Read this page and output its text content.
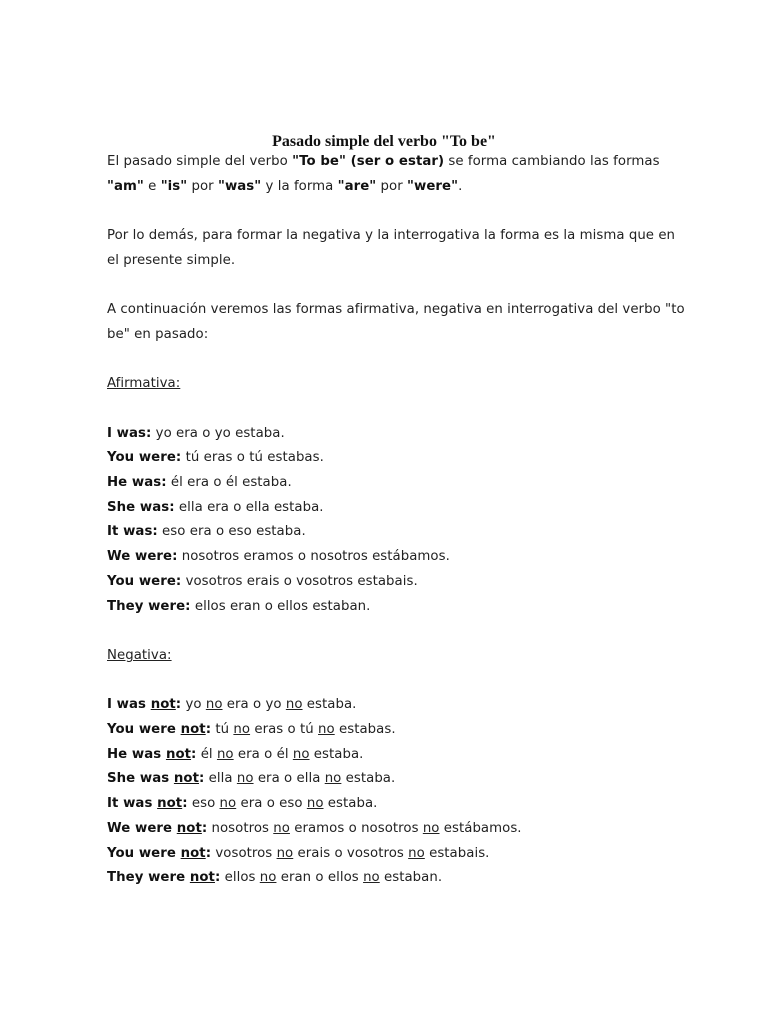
Pasado simple del verbo "To be"

El pasado simple del verbo "To be" (ser o estar) se forma cambiando las formas "am" e "is" por "was" y la forma "are" por "were".

Por lo demás, para formar la negativa y la interrogativa la forma es la misma que en el presente simple.

A continuación veremos las formas afirmativa, negativa en interrogativa del verbo "to be" en pasado:

Afirmativa:

I was: yo era o yo estaba.

You were: tú eras o tú estabas.

He was: él era o él estaba.

She was: ella era o ella estaba.

It was: eso era o eso estaba.

We were: nosotros eramos o nosotros estábamos.

You were: vosotros erais o vosotros estabais.

They were: ellos eran o ellos estaban.

Negativa:

I was not: yo no era o yo no estaba.

You were not: tú no eras o tú no estabas.

He was not: él no era o él no estaba.

She was not: ella no era o ella no estaba.

It was not: eso no era o eso no estaba.

We were not: nosotros no eramos o nosotros no estábamos.

You were not: vosotros no erais o vosotros no estabais.

They were not: ellos no eran o ellos no estaban.
